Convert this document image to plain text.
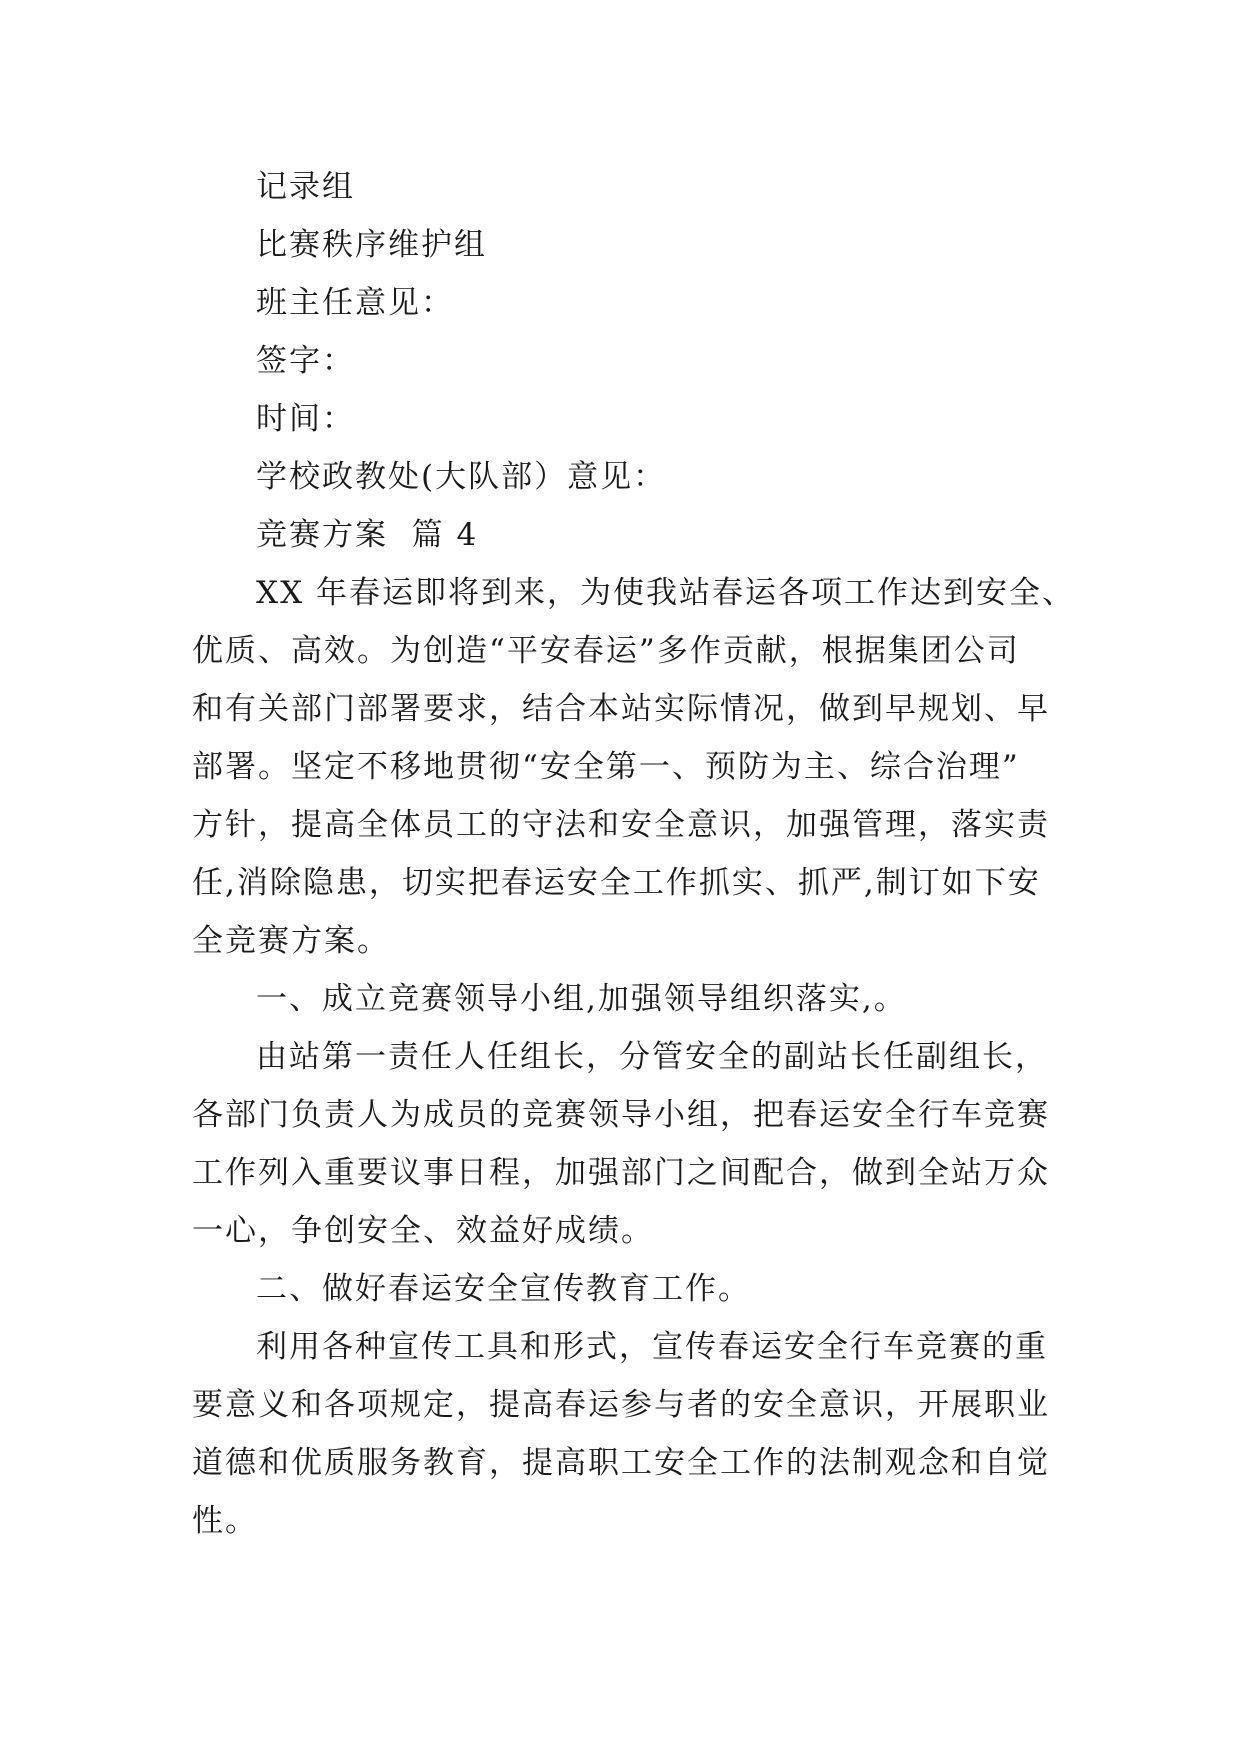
记录组
比赛秩序维护组
班主任意见：
签字：
时间：
学校政教处(大队部）意见：
竞赛方案  篇 4
XX 年春运即将到来，为使我站春运各项工作达到安全、
优质、高效。为创造“平安春运”多作贡献，根据集团公司
和有关部门部署要求，结合本站实际情况，做到早规划、早
部署。坚定不移地贯彻“安全第一、预防为主、综合治理”
方针，提高全体员工的守法和安全意识，加强管理，落实责
任,消除隐患，切实把春运安全工作抓实、抓严,制订如下安
全竞赛方案。
一、成立竞赛领导小组,加强领导组织落实,。
由站第一责任人任组长，分管安全的副站长任副组长，
各部门负责人为成员的竞赛领导小组，把春运安全行车竞赛
工作列入重要议事日程，加强部门之间配合，做到全站万众
一心，争创安全、效益好成绩。
二、做好春运安全宣传教育工作。
利用各种宣传工具和形式，宣传春运安全行车竞赛的重
要意义和各项规定，提高春运参与者的安全意识，开展职业
道德和优质服务教育，提高职工安全工作的法制观念和自觉
性。
